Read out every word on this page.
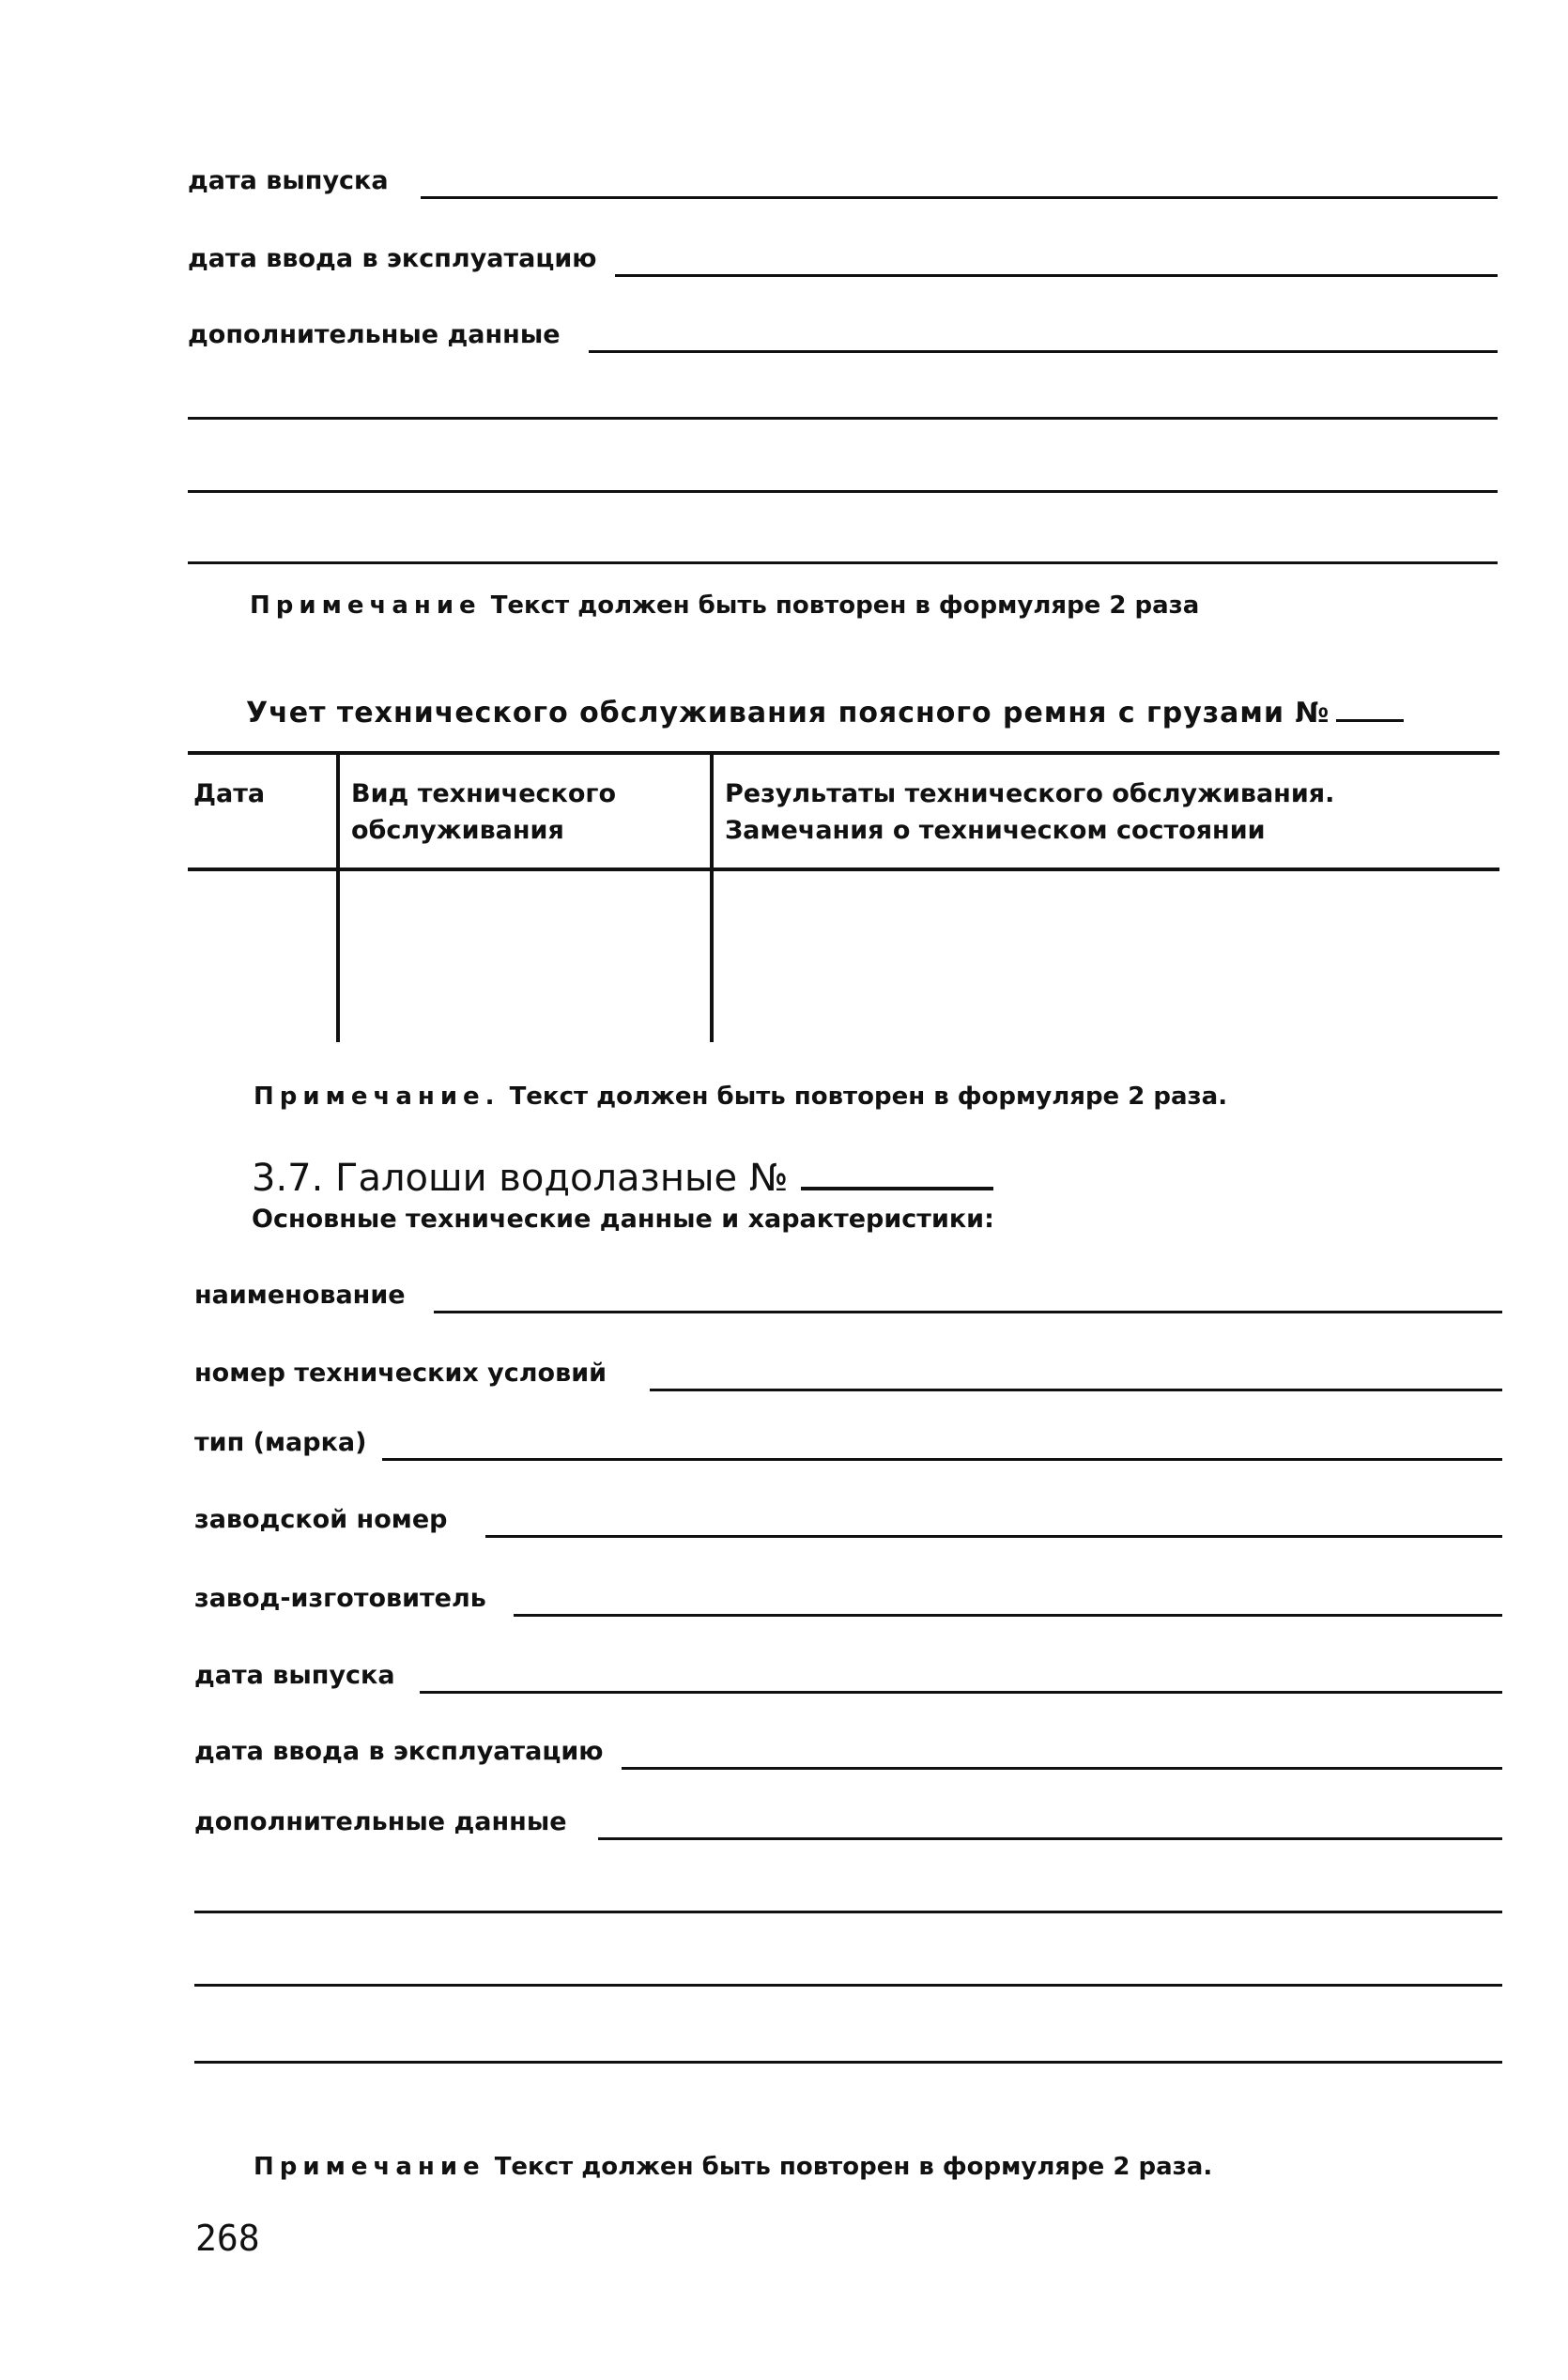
дата выпуска
дата ввода в эксплуатацию
дополнительные данные
Примечание Текст должен быть повторен в формуляре 2 раза
Учет технического обслуживания поясного ремня с грузами №
Дата	Вид технического обслуживания	Результаты технического обслуживания. Замечания о техническом состоянии

Примечание. Текст должен быть повторен в формуляре 2 раза.
3.7. Галоши водолазные №
Основные технические данные и характеристики:
наименование
номер технических условий
тип (марка)
заводской номер
завод-изготовитель
дата выпуска
дата ввода в эксплуатацию
дополнительные данные
Примечание Текст должен быть повторен в формуляре 2 раза.
268
